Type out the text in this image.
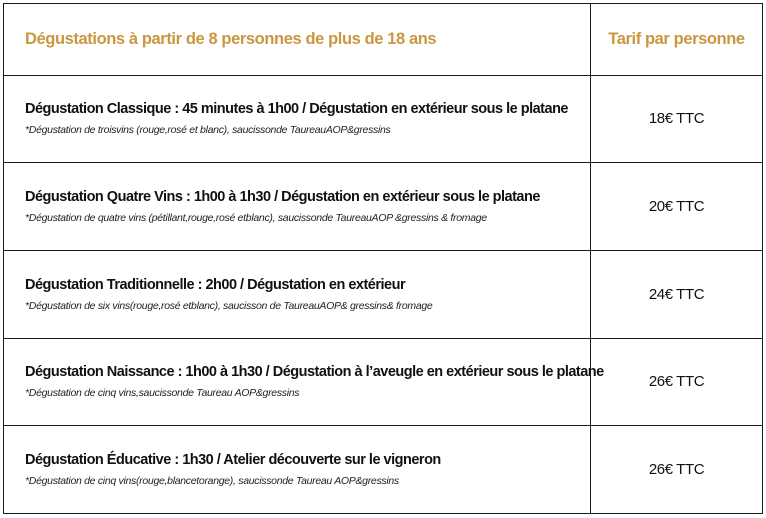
Dégustations à partir de 8 personnes de plus de 18 ans	Tarif par personne

Dégustation Classique : 45 minutes à 1h00 / Dégustation en extérieur sous le platane
*Dégustation de troisvins (rouge,rosé et blanc), saucissonde TaureauAOP&gressins	18€ TTC

Dégustation Quatre Vins : 1h00 à 1h30 / Dégustation en extérieur sous le platane
*Dégustation de quatre vins (pétillant,rouge,rosé etblanc), saucissonde TaureauAOP &gressins & fromage	20€ TTC

Dégustation Traditionnelle : 2h00 / Dégustation en extérieur
*Dégustation de six vins(rouge,rosé etblanc), saucisson de TaureauAOP& gressins& fromage	24€ TTC

Dégustation Naissance : 1h00 à 1h30 / Dégustation à l’aveugle en extérieur sous le platane
*Dégustation de cinq vins,saucissonde Taureau AOP&gressins	26€ TTC

Dégustation Éducative : 1h30 / Atelier découverte sur le vigneron
*Dégustation de cinq vins(rouge,blancetorange), saucissonde Taureau AOP&gressins	26€ TTC
